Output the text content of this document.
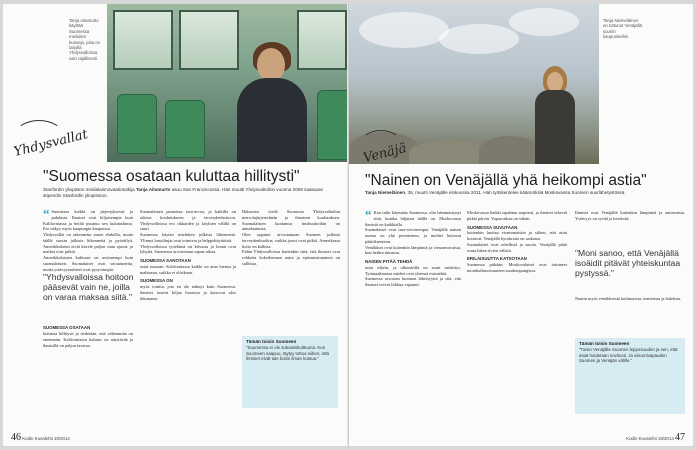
Tanja Aitamurto käyttää Suomessa mieluiten busseja, joita on tarjolla Yhdysvalloissa vain rajallisesti.
Yhdysvallat
"Suomessa osataan kuluttaa hillitysti"
Stanfordin yliopiston medialainnovaatiotutkija Tanja Aitamurto asuu San Franciscossa. Hän muutti Yhdysvaltoihin vuonna 2008 saatuaan stipendin Stanfordin yliopistoon.

“ Suomessa kaikki on järjestyksessä ja puhdasta. Ihmiset ovat hiljaisempia kuin Kaliforniassa ja heiltä puuttuu sen kulutushimo. Ero näkyy myös kaupungin kaupoissa.

Yhdysvallat on rakennettu auton ehdoilla, mutta täällä suosin julkista liikennettä ja pyöräilyä. Amerikkalaiset eivät kävele paljon vaan ajavat, ja matkat ovat pitkiä.

Amerikkalaisten kulttuuri on avoimempi kuin suomalaisten. Suomalaiset ovat varautuneita, mutta ystävyyssuhteet ovat pysyvämpiä.

SUOMESSA OSATAAN

kuluttaa hillitysti ja tiedetään, että vähemmän on enemmän. Kaliforniassa kulutus on näyttävää ja ihmisillä on paljon tavaraa.

"Yhdysvalloissa hoitoon pääsevät vain ne, joilla on varaa maksaa siitä."

Suomalainen painottaa tasa-arvoa, ja kaikilla on oikeus koulutukseen ja terveydenhoitoon. Yhdysvalloissa ero rikkaiden ja köyhien välillä on suuri.

Suomessa käytän mieluiten julkista liikennettä. Ylinnyt bussilinjat ovat toimivia ja helppokäyttöisiä.

Yhdysvalloissa työelämä on kiivasta ja lomat ovat lyhyitä. Suomessa arvostetaan vapaa-aikaa.

SUOMESSA SANOTAAN

asiat suoraan. Kaliforniassa kaikki on aina hienoa ja mahtavaa, vaikka ei olisikaan.

SUOMESSA ON

myös tonttia, jota en ole nähnyt kuin Suomessa: ihmiset istuvat hiljaa bussissa ja katsovat ulos ikkunasta.

Haluaisin viedä Suomesta Yhdysvaltoihin neuvolajärjestelmän ja ilmaisen koulutuksen. Suomalaisten luottamus instituutioihin on ainutlaatuista.

Olen oppinut arvostamaan Suomen julkista terveydenhuoltoa, vaikka jonot ovat pitkiä. Amerikassa hoito on kallista.

Pidän Yhdysvalloissa kuitenkin siitä, että ihmiset ovat rohkeita kokeilemaan uutta ja epäonnistuminen on sallittua.

Tämän toisin Suomeen
"Suomessa ei ole sukulaiskulttuuria. Kun Suomeen saapuu, täytyy tottua siihen, että ihmiset eivät tule kotiin ilman kutsua."
46 Kodin Kuvalehti 19/2014
Tanja Niemeläinen on tottunut Venäjällä suuriin kaupunkeihin.
Venäjä
"Nainen on Venäjällä yhä heikompi astia"
Tanja Niemeläinen, 35, muutti Venäjälle elokuussa 2011. Hän työskentelee käännöksiä Moskovassa Suomen suurlähetystössä.

“ Kun tulin käymään Suomessa, olin hämmästynyt siitä, kuinka hiljaista täällä on. Moskovassa ihmisiä on kaikkialla.

Suomalaiset ovat tasa-arvoisempia. Venäjällä naisen asema on yhä perinteinen, ja miehet hoitavat päätöksenteon.

Venäläiset ovat kuitenkin lämpimiä ja vieraanvaraisia, kun heihin tutustuu.

NAISEN PITÄÄ TEHDÄ

asiat oikein, ja ulkonäöllä on suuri merkitys. Työmaailmassa miehet ovat yleensä esimiehiä.

Suomessa arvostan luonnon läheisyyttä ja sitä, että ihmiset voivat liikkua vapaasti.

Moskovassa kaikki tapahtuu nopeasti, ja ihmiset tekevät pitkiä päiviä. Vapaa-aikaa on vähän.

SUOMESSA SUVUTAAN

kuitenkin luottaa viranomaisiin ja siihen, että asiat hoituvat. Venäjällä byrokratia on raskasta.

Suomalaiset ovat rehellisiä ja suoria. Venäjällä pitää osata lukea rivien välistä.

ERILAISUUTTA KATSOTAAN

Suomessa pitkään. Moskovalaiset ovat tottuneet monikulttuurisuuteen suurkaupungissa.

Ihmiset ovat Venäjällä kuitenkin lämpimiä ja auttavaisia. Ystävyys on syvää ja kestävää.

"Moni sanoo, että Venäjällä isoäidit pitävät yhteiskuntaa pystyssä."

Nautin myös venäläisestä kulttuurista, teatterista ja baletista.

Tämän toisin Suomeen
"Toisin Venäjälle Suomen lepposuuden ja sen, että asiat hoidetaan sovitusti. Ja viisumivapauden Suomen ja Venäjän välille."
Kodin Kuvalehti 19/2014 47
